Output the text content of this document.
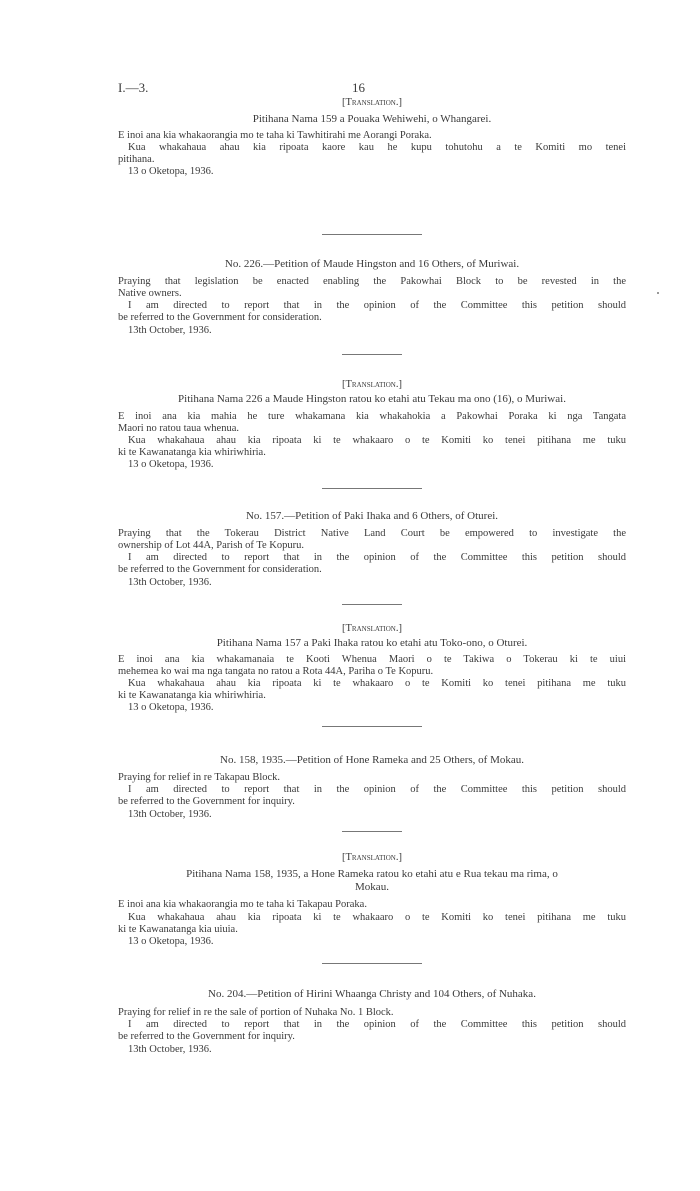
I.—3.	16
[Translation.]
Pitihana Nama 159 a Pouaka Wehiwehi, o Whangarei.
E inoi ana kia whakaorangia mo te taha ki Tawhitirahi me Aorangi Poraka.
Kua whakahaua ahau kia ripoata kaore kau he kupu tohutohu a te Komiti mo tenei
pitihana.
13 o Oketopa, 1936.
No. 226.—Petition of Maude Hingston and 16 Others, of Muriwai.
Praying that legislation be enacted enabling the Pakowhai Block to be revested in the
Native owners.
I am directed to report that in the opinion of the Committee this petition should
be referred to the Government for consideration.
13th October, 1936.
[Translation.]
Pitihana Nama 226 a Maude Hingston ratou ko etahi atu Tekau ma ono (16), o Muriwai.
E inoi ana kia mahia he ture whakamana kia whakahokia a Pakowhai Poraka ki nga Tangata
Maori no ratou taua whenua.
Kua whakahaua ahau kia ripoata ki te whakaaro o te Komiti ko tenei pitihana me tuku
ki te Kawanatanga kia whiriwhiria.
13 o Oketopa, 1936.
No. 157.—Petition of Paki Ihaka and 6 Others, of Oturei.
Praying that the Tokerau District Native Land Court be empowered to investigate the
ownership of Lot 44A, Parish of Te Kopuru.
I am directed to report that in the opinion of the Committee this petition should
be referred to the Government for consideration.
13th October, 1936.
[Translation.]
Pitihana Nama 157 a Paki Ihaka ratou ko etahi atu Toko-ono, o Oturei.
E inoi ana kia whakamanaia te Kooti Whenua Maori o te Takiwa o Tokerau ki te uiui
mehemea ko wai ma nga tangata no ratou a Rota 44A, Pariha o Te Kopuru.
Kua whakahaua ahau kia ripoata ki te whakaaro o te Komiti ko tenei pitihana me tuku
ki te Kawanatanga kia whiriwhiria.
13 o Oketopa, 1936.
No. 158, 1935.—Petition of Hone Rameka and 25 Others, of Mokau.
Praying for relief in re Takapau Block.
I am directed to report that in the opinion of the Committee this petition should
be referred to the Government for inquiry.
13th October, 1936.
[Translation.]
Pitihana Nama 158, 1935, a Hone Rameka ratou ko etahi atu e Rua tekau ma rima, o
Mokau.
E inoi ana kia whakaorangia mo te taha ki Takapau Poraka.
Kua whakahaua ahau kia ripoata ki te whakaaro o te Komiti ko tenei pitihana me tuku
ki te Kawanatanga kia uiuia.
13 o Oketopa, 1936.
No. 204.—Petition of Hirini Whaanga Christy and 104 Others, of Nuhaka.
Praying for relief in re the sale of portion of Nuhaka No. 1 Block.
I am directed to report that in the opinion of the Committee this petition should
be referred to the Government for inquiry.
13th October, 1936.
